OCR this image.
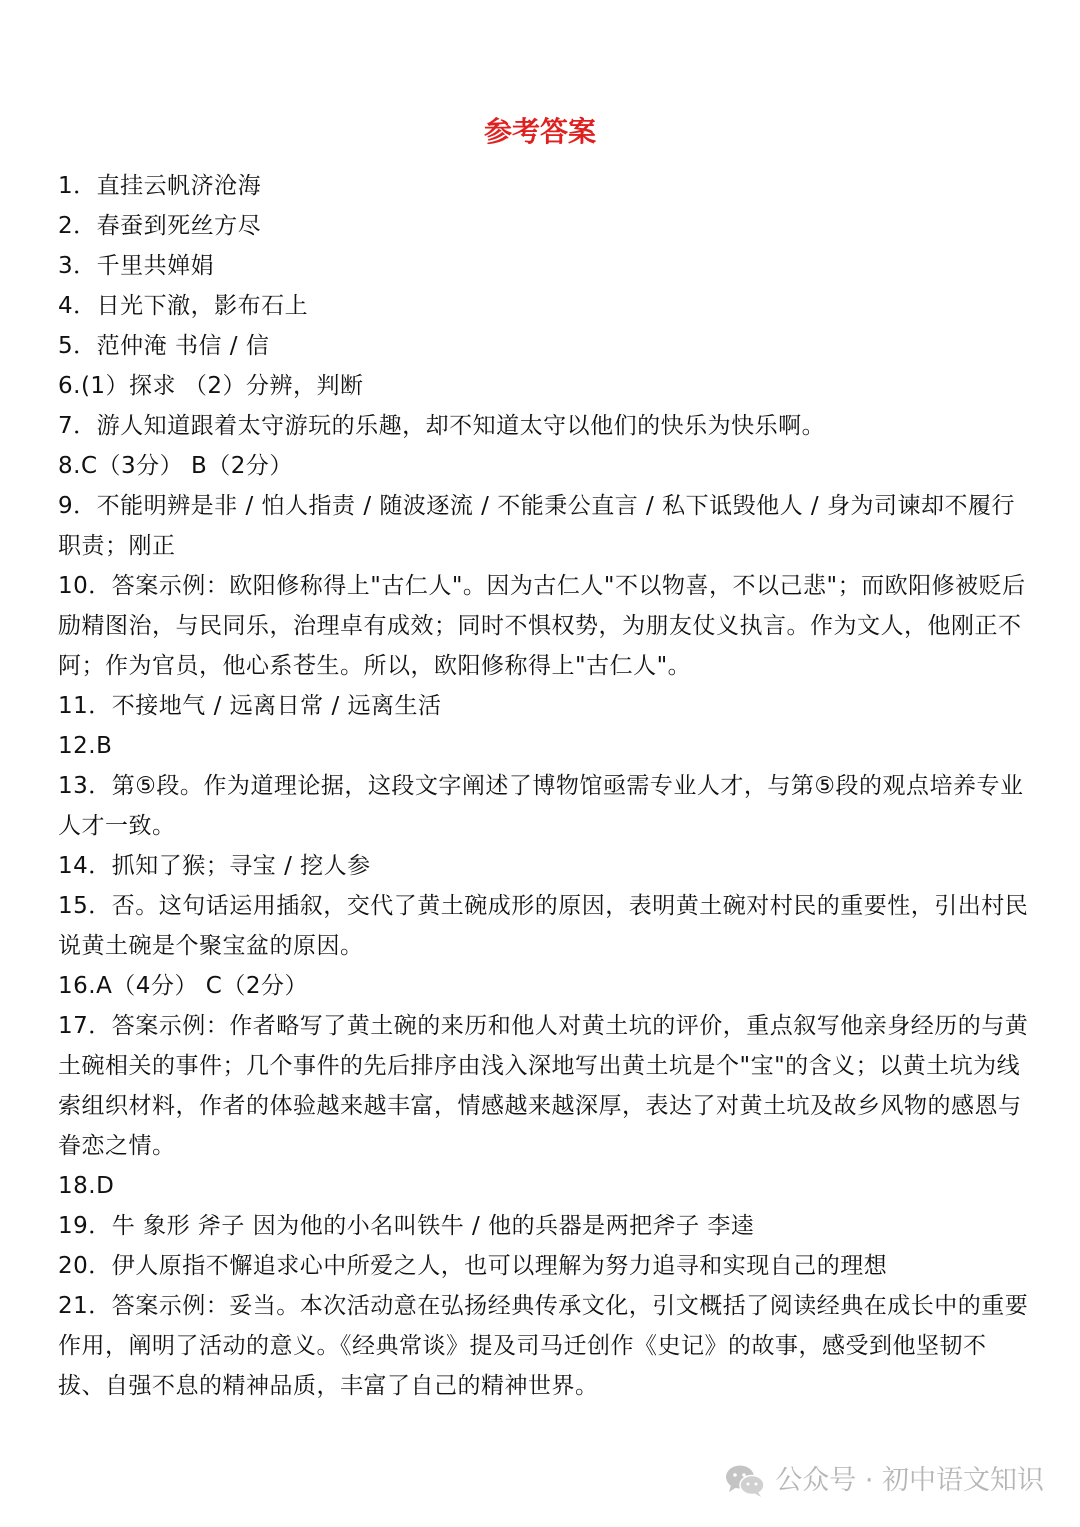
参考答案
1．直挂云帆济沧海
2．春蚕到死丝方尽
3．千里共婵娟
4．日光下澈，影布石上
5．范仲淹 书信 / 信
6.(1）探求 （2）分辨，判断
7．游人知道跟着太守游玩的乐趣，却不知道太守以他们的快乐为快乐啊。
8.C（3分） B（2分）
9．不能明辨是非 / 怕人指责 / 随波逐流 / 不能秉公直言 / 私下诋毁他人 / 身为司谏却不履行职责；刚正
10．答案示例：欧阳修称得上"古仁人"。因为古仁人"不以物喜，不以己悲"；而欧阳修被贬后励精图治，与民同乐，治理卓有成效；同时不惧权势，为朋友仗义执言。作为文人，他刚正不阿；作为官员，他心系苍生。所以，欧阳修称得上"古仁人"。
11．不接地气 / 远离日常 / 远离生活
12.B
13．第⑤段。作为道理论据，这段文字阐述了博物馆亟需专业人才，与第⑤段的观点培养专业人才一致。
14．抓知了猴；寻宝 / 挖人参
15．否。这句话运用插叙，交代了黄土碗成形的原因，表明黄土碗对村民的重要性，引出村民说黄土碗是个聚宝盆的原因。
16.A（4分） C（2分）
17．答案示例：作者略写了黄土碗的来历和他人对黄土坑的评价，重点叙写他亲身经历的与黄土碗相关的事件；几个事件的先后排序由浅入深地写出黄土坑是个"宝"的含义；以黄土坑为线索组织材料，作者的体验越来越丰富，情感越来越深厚，表达了对黄土坑及故乡风物的感恩与眷恋之情。
18.D
19．牛 象形 斧子 因为他的小名叫铁牛 / 他的兵器是两把斧子 李逵
20．伊人原指不懈追求心中所爱之人，也可以理解为努力追寻和实现自己的理想
21．答案示例：妥当。本次活动意在弘扬经典传承文化，引文概括了阅读经典在成长中的重要作用，阐明了活动的意义。《经典常谈》提及司马迁创作《史记》的故事，感受到他坚韧不拔、自强不息的精神品质，丰富了自己的精神世界。
公众号 · 初中语文知识
